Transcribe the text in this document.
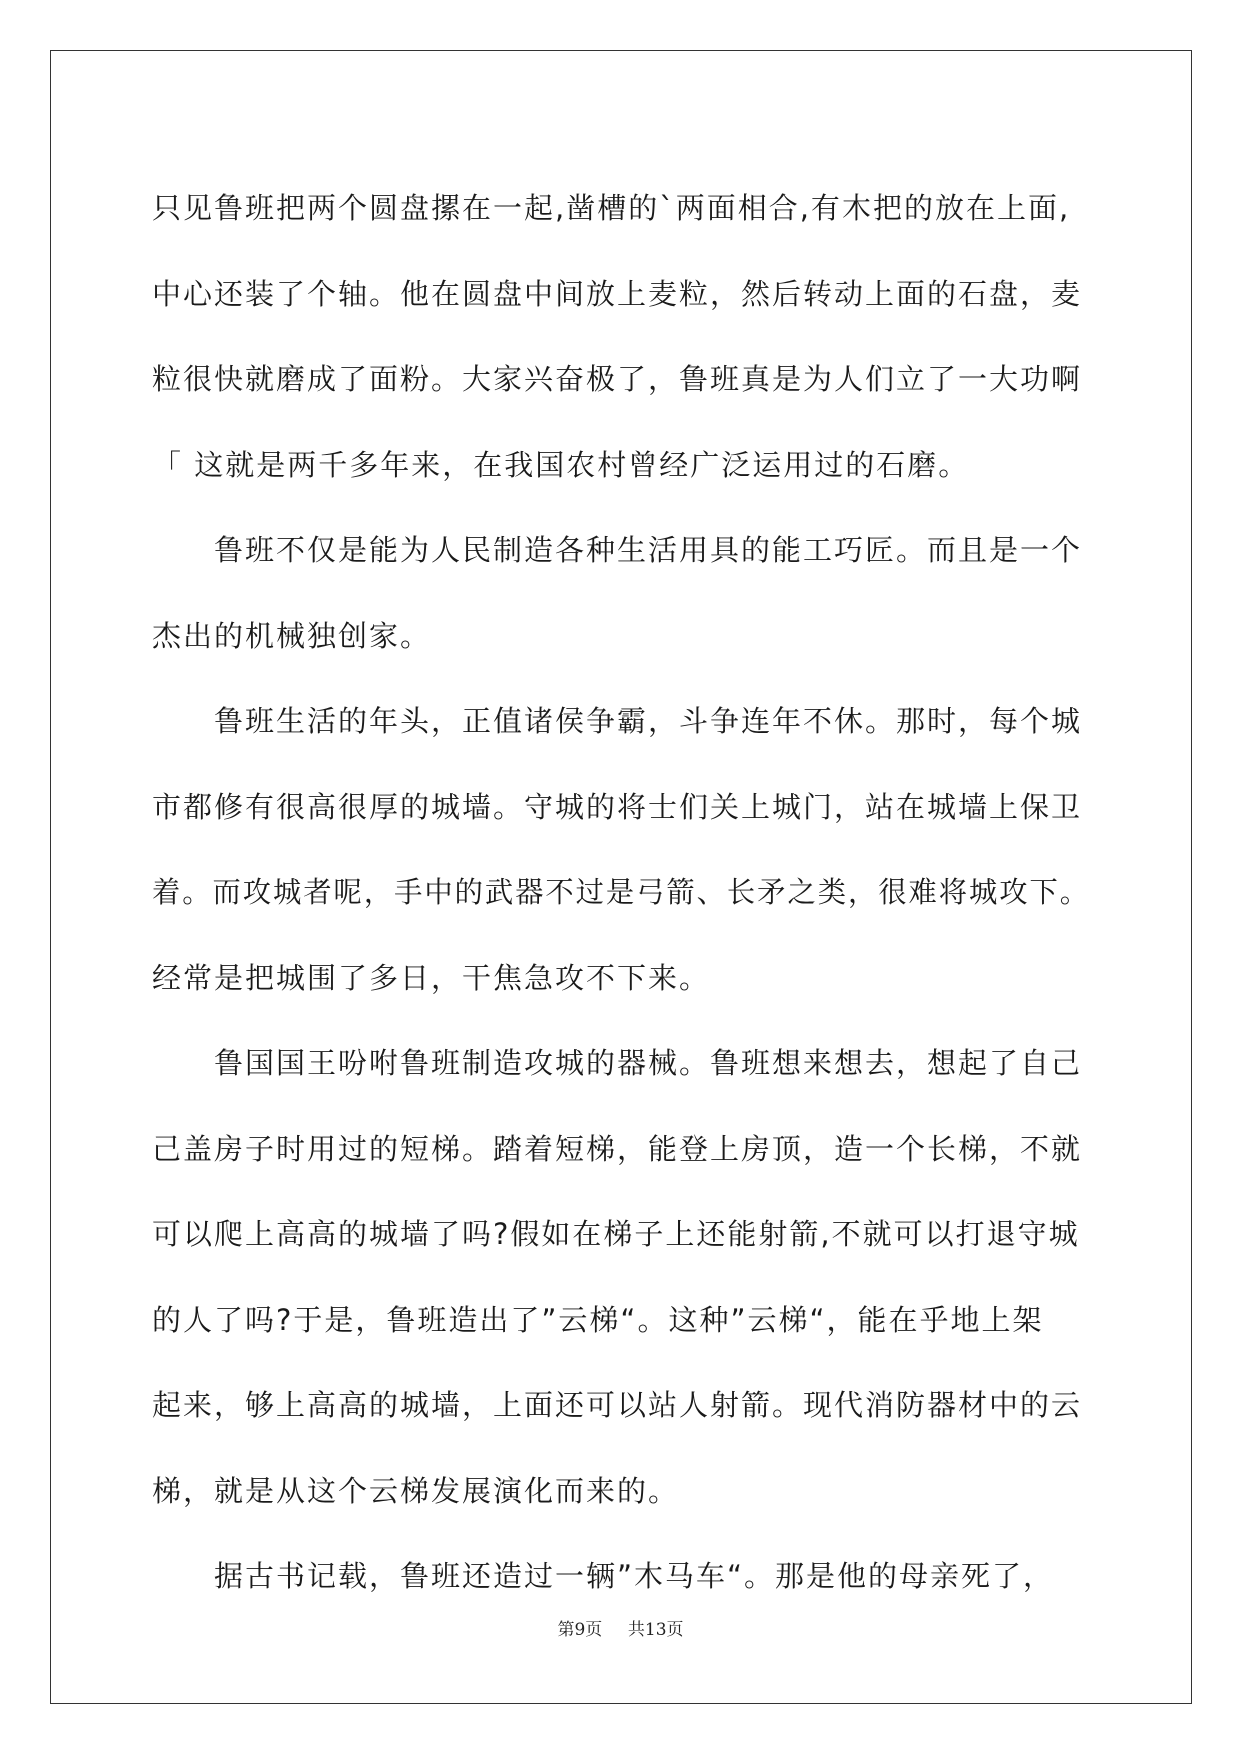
只见鲁班把两个圆盘摞在一起,凿槽的`两面相合,有木把的放在上面,
中心还装了个轴。他在圆盘中间放上麦粒，然后转动上面的石盘，麦
粒很快就磨成了面粉。大家兴奋极了，鲁班真是为人们立了一大功啊
「 这就是两千多年来，在我国农村曾经广泛运用过的石磨。
鲁班不仅是能为人民制造各种生活用具的能工巧匠。而且是一个
杰出的机械独创家。
鲁班生活的年头，正值诸侯争霸，斗争连年不休。那时，每个城
市都修有很高很厚的城墙。守城的将士们关上城门，站在城墙上保卫
着。而攻城者呢，手中的武器不过是弓箭、长矛之类，很难将城攻下。
经常是把城围了多日，干焦急攻不下来。
鲁国国王吩咐鲁班制造攻城的器械。鲁班想来想去，想起了自己
己盖房子时用过的短梯。踏着短梯，能登上房顶，造一个长梯，不就
可以爬上高高的城墙了吗?假如在梯子上还能射箭,不就可以打退守城
的人了吗?于是，鲁班造出了”云梯“。这种”云梯“，能在乎地上架
起来，够上高高的城墙，上面还可以站人射箭。现代消防器材中的云
梯，就是从这个云梯发展演化而来的。
据古书记载，鲁班还造过一辆”木马车“。那是他的母亲死了，
第9页 共13页
